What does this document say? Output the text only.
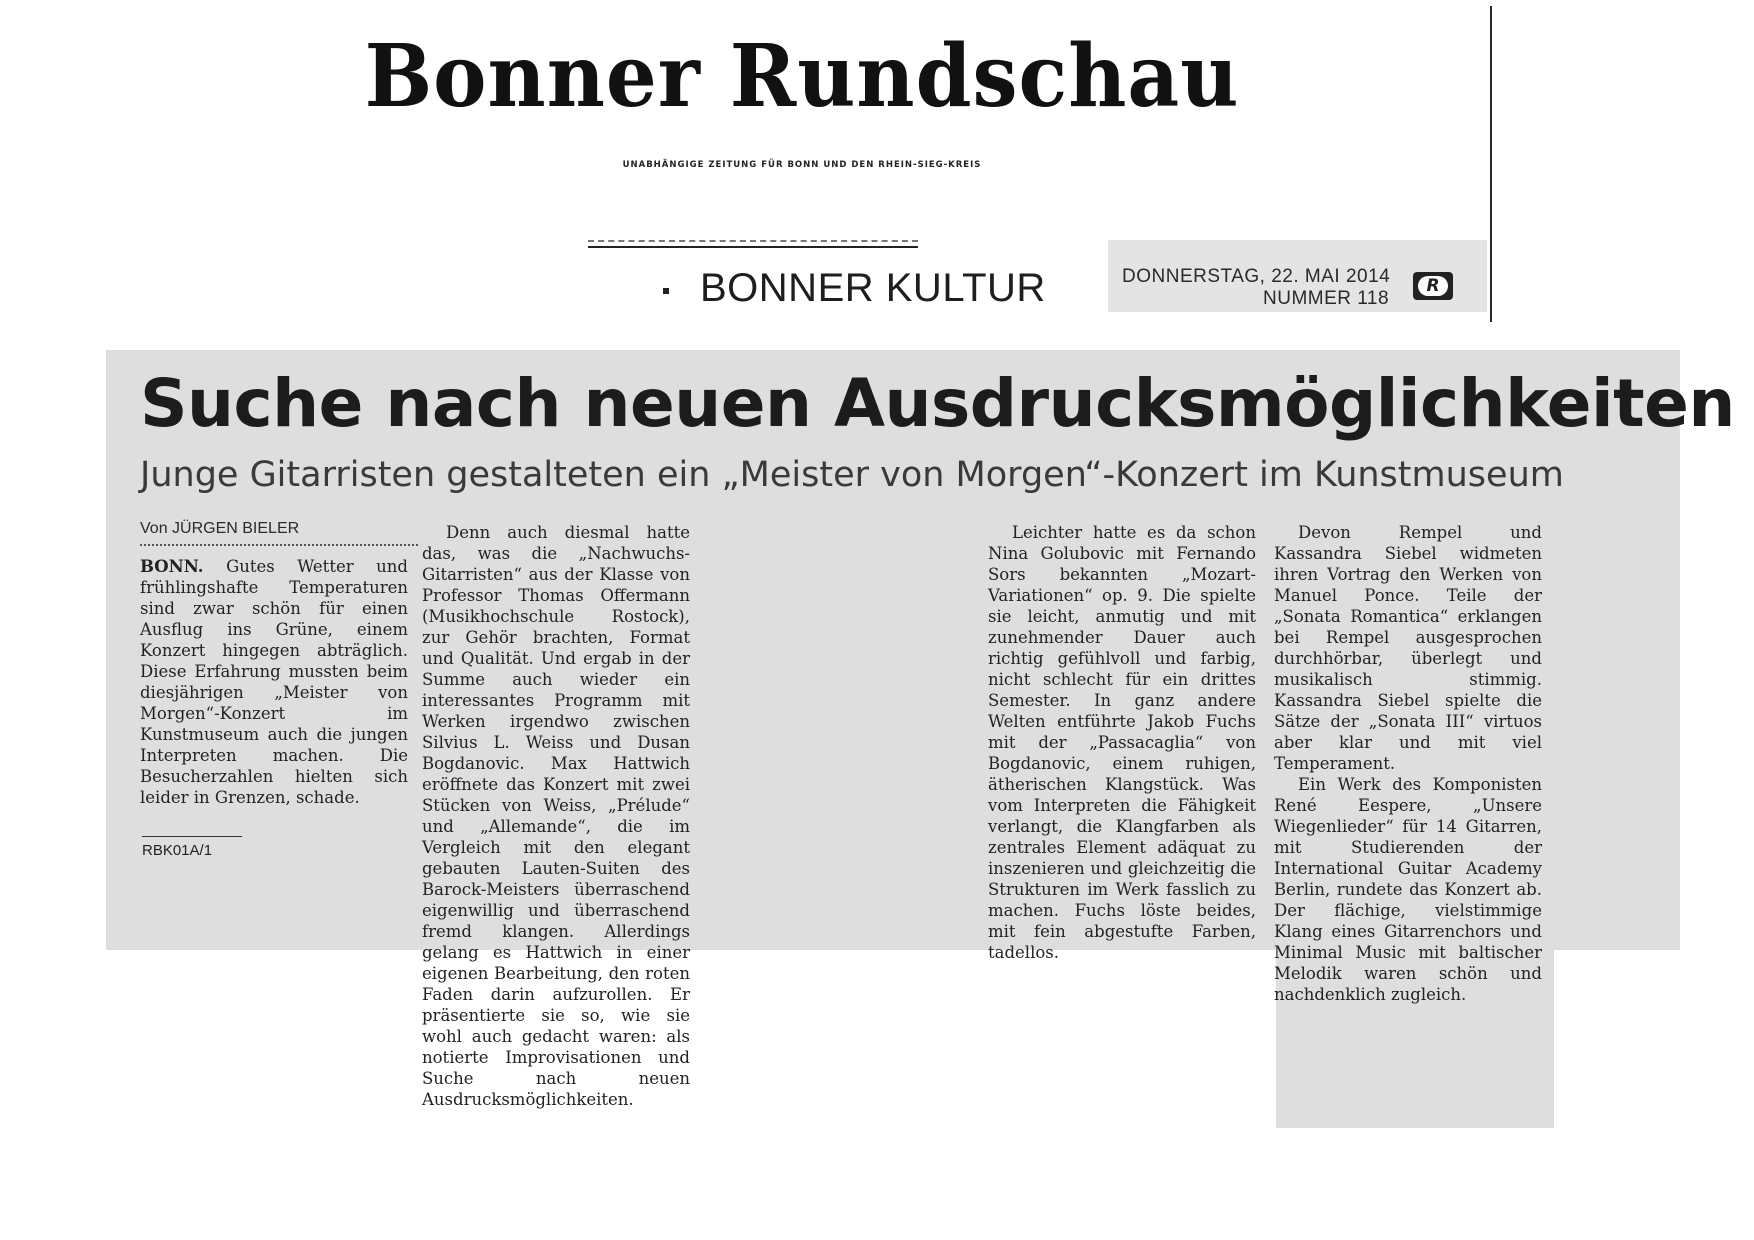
Bonner Rundschau
UNABHÄNGIGE ZEITUNG FÜR BONN UND DEN RHEIN-SIEG-KREIS
BONNER KULTUR	DONNERSTAG, 22. MAI 2014
NUMMER 118
R
Suche nach neuen Ausdrucksmöglichkeiten
Junge Gitarristen gestalteten ein „Meister von Morgen“-Konzert im Kunstmuseum
Von JÜRGEN BIELER

BONN. Gutes Wetter und frühlingshafte Temperaturen sind zwar schön für einen Ausflug ins Grüne, einem Konzert hingegen abträglich. Diese Erfahrung mussten beim diesjährigen „Meister von Morgen“-Konzert im Kunstmuseum auch die jungen Interpreten machen. Die Besucherzahlen hielten sich leider in Grenzen, schade.

Denn auch diesmal hatte das, was die „Nachwuchs-Gitarristen“ aus der Klasse von Professor Thomas Offermann (Musikhochschule Rostock), zur Gehör brachten, Format und Qualität. Und ergab in der Summe auch wieder ein interessantes Programm mit Werken irgendwo zwischen Silvius L. Weiss und Dusan Bogdanovic. Max Hattwich eröffnete das Konzert mit zwei Stücken von Weiss, „Prélude“ und „Allemande“, die im Vergleich mit den elegant gebauten Lauten-Suiten des Barock-Meisters überraschend eigenwillig und überraschend fremd klangen. Allerdings gelang es Hattwich in einer eigenen Bearbeitung, den roten Faden darin aufzurollen. Er präsentierte sie so, wie sie wohl auch gedacht waren: als notierte Improvisationen und Suche nach neuen Ausdrucksmöglichkeiten.

Leichter hatte es da schon Nina Golubovic mit Fernando Sors bekannten „Mozart-Variationen“ op. 9. Die spielte sie leicht, anmutig und mit zunehmender Dauer auch richtig gefühlvoll und farbig, nicht schlecht für ein drittes Semester. In ganz andere Welten entführte Jakob Fuchs mit der „Passacaglia“ von Bogdanovic, einem ruhigen, ätherischen Klangstück. Was vom Interpreten die Fähigkeit verlangt, die Klangfarben als zentrales Element adäquat zu inszenieren und gleichzeitig die Strukturen im Werk fasslich zu machen. Fuchs löste beides, mit fein abgestufte Farben, tadellos.

Devon Rempel und Kassandra Siebel widmeten ihren Vortrag den Werken von Manuel Ponce. Teile der „Sonata Romantica“ erklangen bei Rempel ausgesprochen durchhörbar, überlegt und musikalisch stimmig. Kassandra Siebel spielte die Sätze der „Sonata III“ virtuos aber klar und mit viel Temperament.

Ein Werk des Komponisten René Eespere, „Unsere Wiegenlieder“ für 14 Gitarren, mit Studierenden der International Guitar Academy Berlin, rundete das Konzert ab. Der flächige, vielstimmige Klang eines Gitarrenchors und Minimal Music mit baltischer Melodik waren schön und nachdenklich zugleich.

RBK01A/1
